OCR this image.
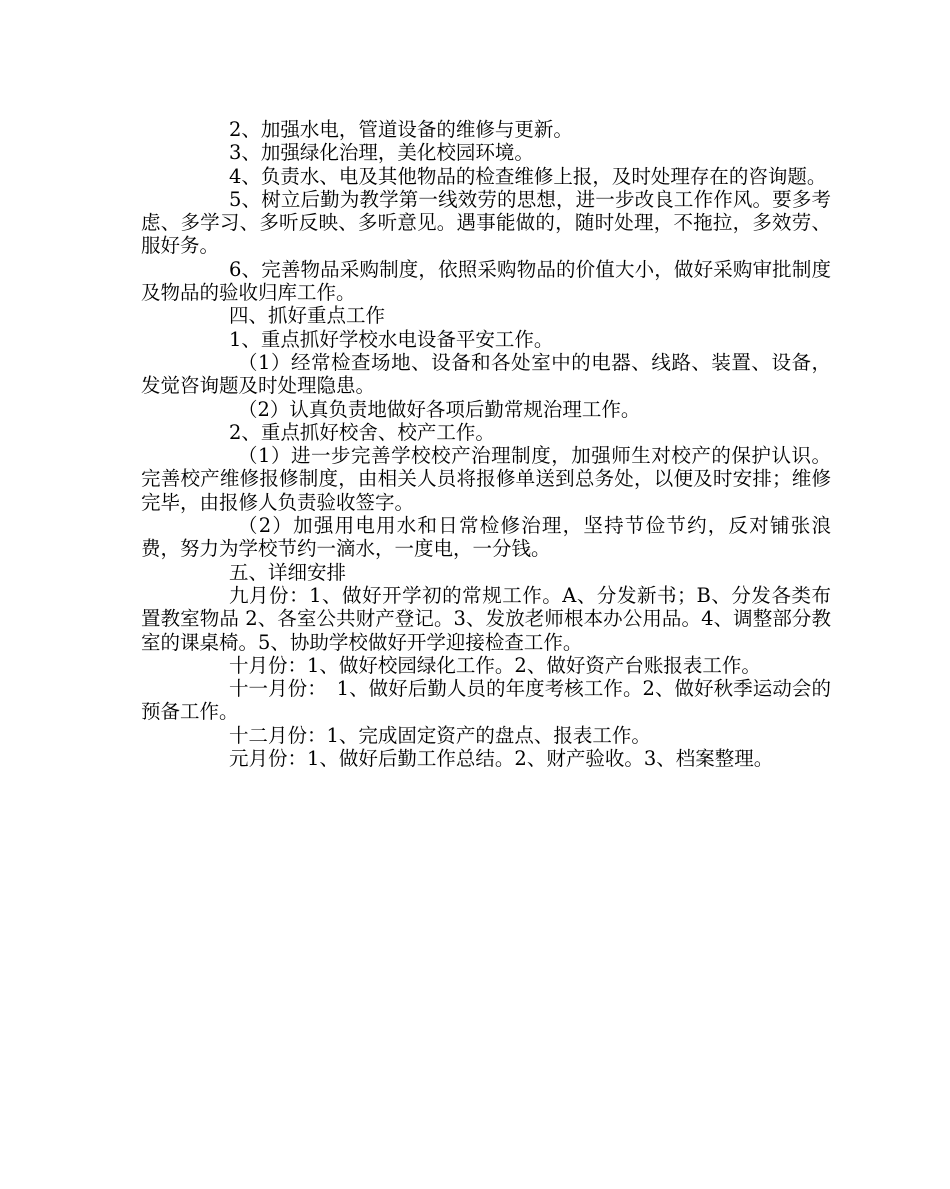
2、加强水电，管道设备的维修与更新。

3、加强绿化治理，美化校园环境。

4、负责水、电及其他物品的检查维修上报，及时处理存在的咨询题。

5、树立后勤为教学第一线效劳的思想，进一步改良工作作风。要多考虑、多学习、多听反映、多听意见。遇事能做的，随时处理，不拖拉，多效劳、服好务。

6、完善物品采购制度，依照采购物品的价值大小，做好采购审批制度及物品的验收归库工作。

四、抓好重点工作

1、重点抓好学校水电设备平安工作。

（1）经常检查场地、设备和各处室中的电器、线路、装置、设备，发觉咨询题及时处理隐患。

（2）认真负责地做好各项后勤常规治理工作。

2、重点抓好校舍、校产工作。

（1）进一步完善学校校产治理制度，加强师生对校产的保护认识。完善校产维修报修制度，由相关人员将报修单送到总务处，以便及时安排；维修完毕，由报修人负责验收签字。

（2）加强用电用水和日常检修治理，坚持节俭节约，反对铺张浪费，努力为学校节约一滴水，一度电，一分钱。

五、详细安排

九月份：1、做好开学初的常规工作。A、分发新书；B、分发各类布置教室物品 2、各室公共财产登记。3、发放老师根本办公用品。4、调整部分教室的课桌椅。5、协助学校做好开学迎接检查工作。

十月份：1、做好校园绿化工作。2、做好资产台账报表工作。

十一月份：　1、做好后勤人员的年度考核工作。2、做好秋季运动会的预备工作。

十二月份：1、完成固定资产的盘点、报表工作。

元月份：1、做好后勤工作总结。2、财产验收。3、档案整理。
